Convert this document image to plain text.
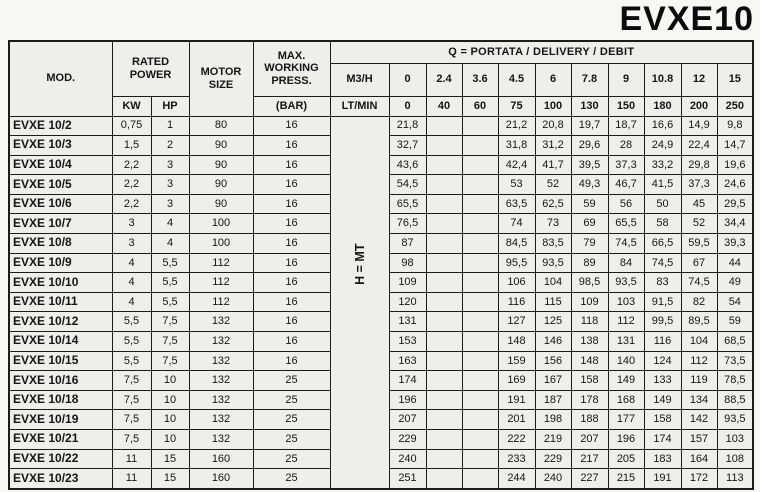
EVXE10
MOD.	RATED POWER		MOTOR SIZE	MAX. WORKING PRESS.	Q = PORTATA / DELIVERY / DEBIT										
					M3/H	0	2.4	3.6	4.5	6	7.8	9	10.8	12	15
	KW	HP		(BAR)	LT/MIN	0	40	60	75	100	130	150	180	200	250
EVXE 10/2	0,75	1	80	16	H = MT	21,8			21,2	20,8	19,7	18,7	16,6	14,9	9,8
EVXE 10/3	1,5	2	90	16		32,7			31,8	31,2	29,6	28	24,9	22,4	14,7
EVXE 10/4	2,2	3	90	16		43,6			42,4	41,7	39,5	37,3	33,2	29,8	19,6
EVXE 10/5	2,2	3	90	16		54,5			53	52	49,3	46,7	41,5	37,3	24,6
EVXE 10/6	2,2	3	90	16		65,5			63,5	62,5	59	56	50	45	29,5
EVXE 10/7	3	4	100	16		76,5			74	73	69	65,5	58	52	34,4
EVXE 10/8	3	4	100	16		87			84,5	83,5	79	74,5	66,5	59,5	39,3
EVXE 10/9	4	5,5	112	16		98			95,5	93,5	89	84	74,5	67	44
EVXE 10/10	4	5,5	112	16		109			106	104	98,5	93,5	83	74,5	49
EVXE 10/11	4	5,5	112	16		120			116	115	109	103	91,5	82	54
EVXE 10/12	5,5	7,5	132	16		131			127	125	118	112	99,5	89,5	59
EVXE 10/14	5,5	7,5	132	16		153			148	146	138	131	116	104	68,5
EVXE 10/15	5,5	7,5	132	16		163			159	156	148	140	124	112	73,5
EVXE 10/16	7,5	10	132	25		174			169	167	158	149	133	119	78,5
EVXE 10/18	7,5	10	132	25		196			191	187	178	168	149	134	88,5
EVXE 10/19	7,5	10	132	25		207			201	198	188	177	158	142	93,5
EVXE 10/21	7,5	10	132	25		229			222	219	207	196	174	157	103
EVXE 10/22	11	15	160	25		240			233	229	217	205	183	164	108
EVXE 10/23	11	15	160	25		251			244	240	227	215	191	172	113
